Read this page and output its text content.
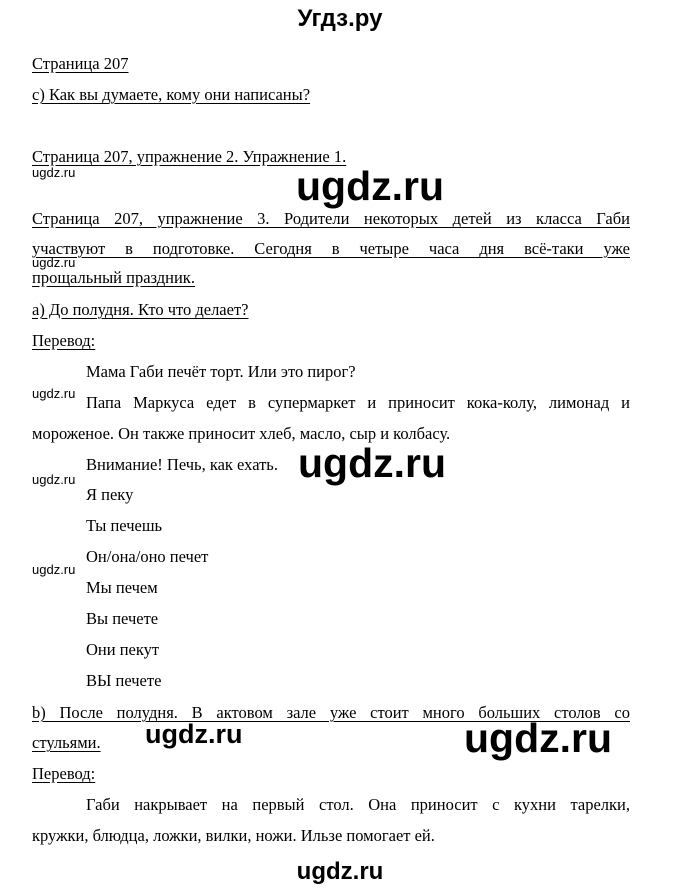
Угдз.ру
Страница 207
с) Как вы думаете, кому они написаны?
Страница 207, упражнение 2. Упражнение 1.
ugdz.ru	ugdz.ru
Страница 207, упражнение 3. Родители некоторых детей из класса Габи
участвуют в подготовке. Сегодня в четыре часа дня всё-таки уже
ugdz.ru
прощальный праздник.
а) До полудня. Кто что делает?
Перевод:
Мама Габи печёт торт. Или это пирог?
ugdz.ru Папа Маркуса едет в супермаркет и приносит кока-колу, лимонад и
мороженое. Он также приносит хлеб, масло, сыр и колбасу.
Внимание! Печь, как ехать. ugdz.ru
ugdz.ru
Я пеку
Ты печешь
Он/она/оно печет
ugdz.ru
Мы печем
Вы печете
Они пекут
ВЫ печете
b) После полудня. В актовом зале уже стоит много больших столов со
стульями. ugdz.ru	ugdz.ru
Перевод:
Габи накрывает на первый стол. Она приносит с кухни тарелки,
кружки, блюдца, ложки, вилки, ножи. Ильзе помогает ей.
ugdz.ru
